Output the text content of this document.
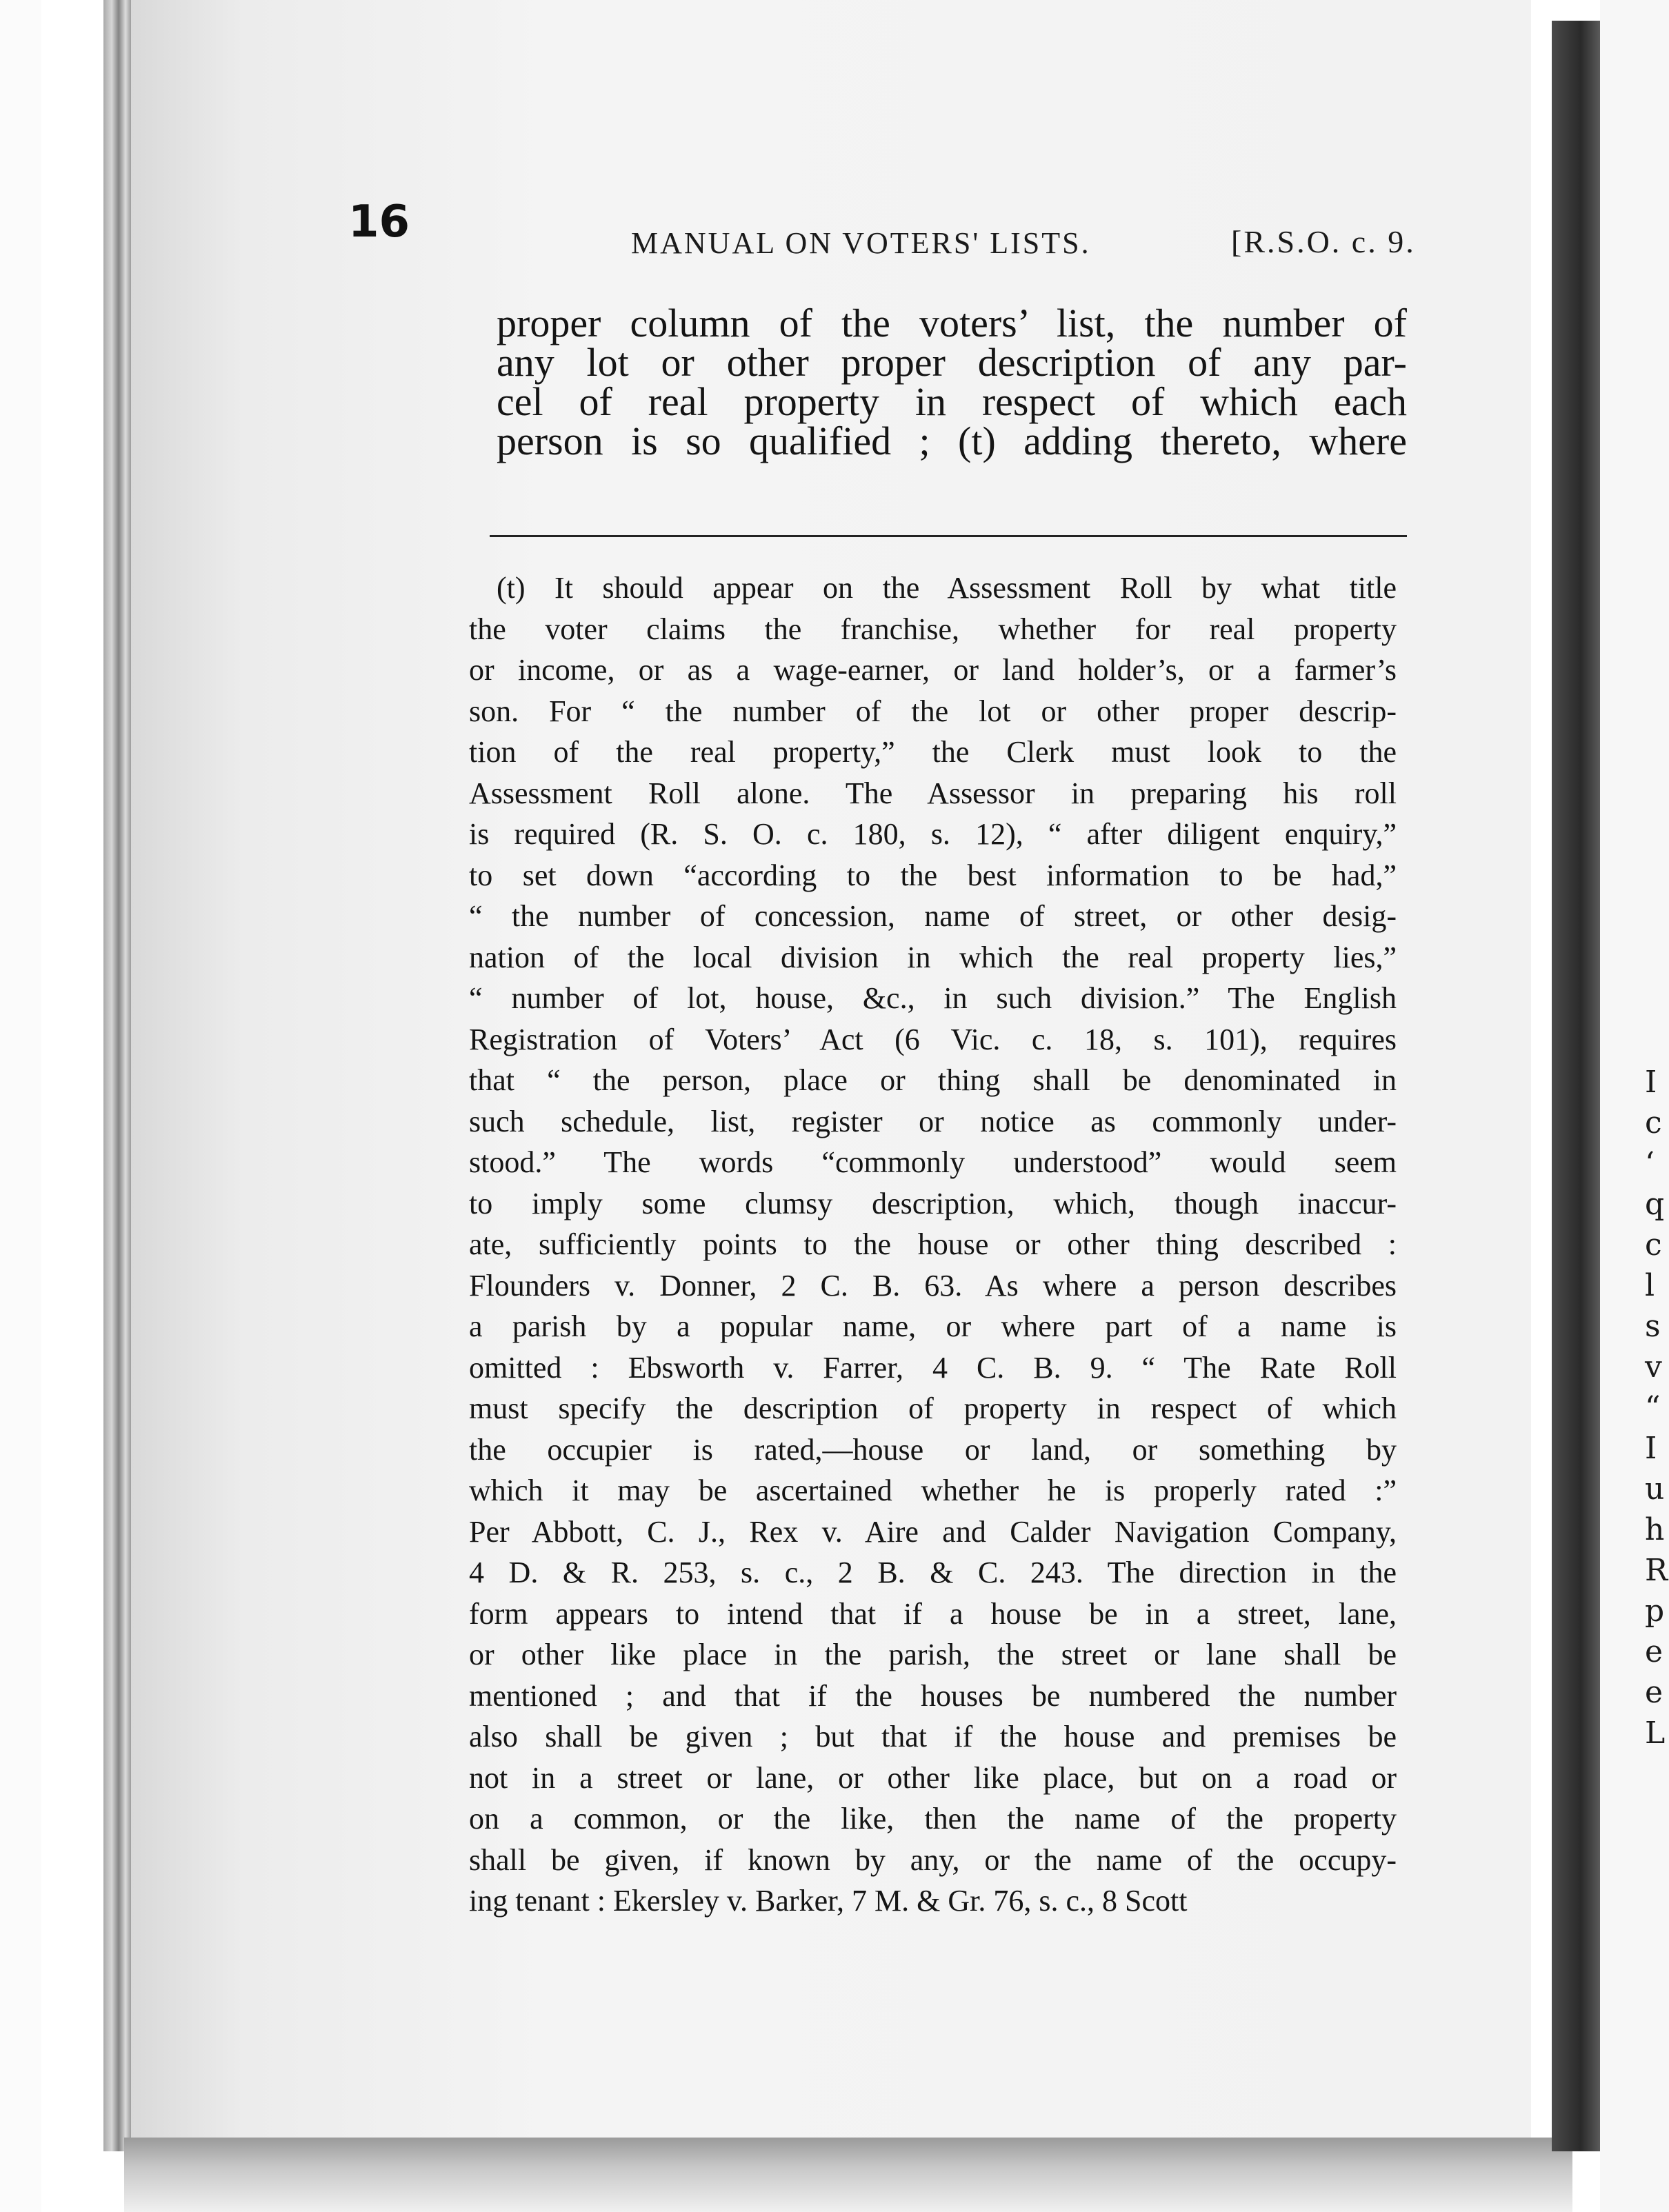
I
c
‘
q
c
l
s
v
“
I
u
h
R
p
e
e
L
16	MANUAL ON VOTERS' LISTS.	[R.S.O. c. 9.
proper column of the voters’ list, the number of
any lot or other proper description of any par-
cel of real property in respect of which each
person is so qualified ; (t) adding thereto, where
(t) It should appear on the Assessment Roll by what title
the voter claims the franchise, whether for real property
or income, or as a wage-earner, or land holder’s, or a farmer’s
son. For “ the number of the lot or other proper descrip-
tion of the real property,” the Clerk must look to the
Assessment Roll alone. The Assessor in preparing his roll
is required (R. S. O. c. 180, s. 12), “ after diligent enquiry,”
to set down “according to the best information to be had,”
“ the number of concession, name of street, or other desig-
nation of the local division in which the real property lies,”
“ number of lot, house, &c., in such division.” The English
Registration of Voters’ Act (6 Vic. c. 18, s. 101), requires
that “ the person, place or thing shall be denominated in
such schedule, list, register or notice as commonly under-
stood.” The words “commonly understood” would seem
to imply some clumsy description, which, though inaccur-
ate, sufficiently points to the house or other thing described :
Flounders v. Donner, 2 C. B. 63. As where a person describes
a parish by a popular name, or where part of a name is
omitted : Ebsworth v. Farrer, 4 C. B. 9. “ The Rate Roll
must specify the description of property in respect of which
the occupier is rated,—house or land, or something by
which it may be ascertained whether he is properly rated :”
Per Abbott, C. J., Rex v. Aire and Calder Navigation Company,
4 D. & R. 253, s. c., 2 B. & C. 243. The direction in the
form appears to intend that if a house be in a street, lane,
or other like place in the parish, the street or lane shall be
mentioned ; and that if the houses be numbered the number
also shall be given ; but that if the house and premises be
not in a street or lane, or other like place, but on a road or
on a common, or the like, then the name of the property
shall be given, if known by any, or the name of the occupy-
ing tenant : Ekersley v. Barker, 7 M. & Gr. 76, s. c., 8 Scott
